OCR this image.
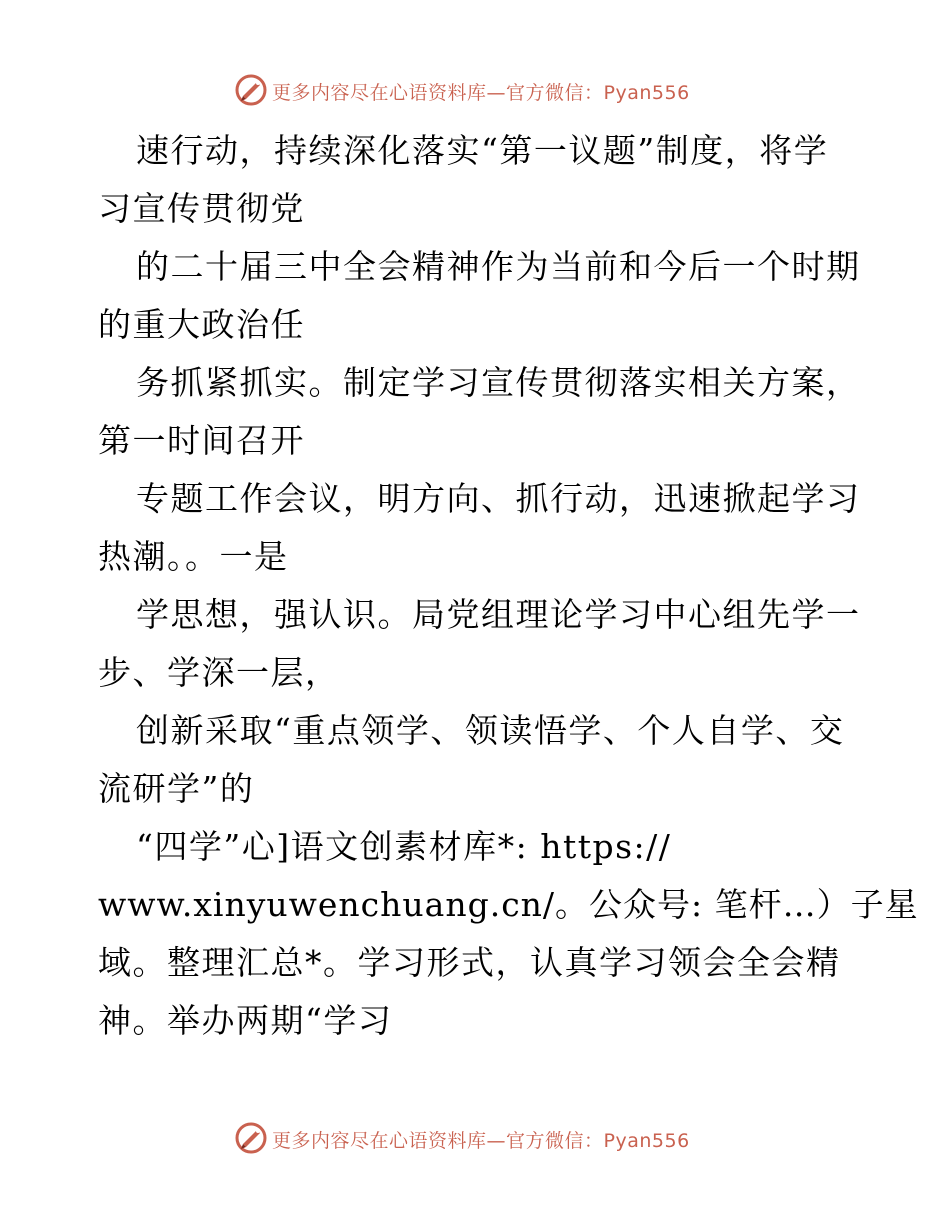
更多内容尽在心语资料库—官方微信：Pyan556
速行动，持续深化落实“第一议题”制度，将学
习宣传贯彻党
的二十届三中全会精神作为当前和今后一个时期
的重大政治任
务抓紧抓实。制定学习宣传贯彻落实相关方案，
第一时间召开
专题工作会议，明方向、抓行动，迅速掀起学习
热潮。。一是
学思想，强认识。局党组理论学习中心组先学一
步、学深一层，
创新采取“重点领学、领读悟学、个人自学、交
流研学”的
“四学”心]语文创素材库*: https://
www.xinyuwenchuang.cn/。公众号: 笔杆…）子星
域。整理汇总*。学习形式，认真学习领会全会精
神。举办两期“学习
更多内容尽在心语资料库—官方微信：Pyan556
